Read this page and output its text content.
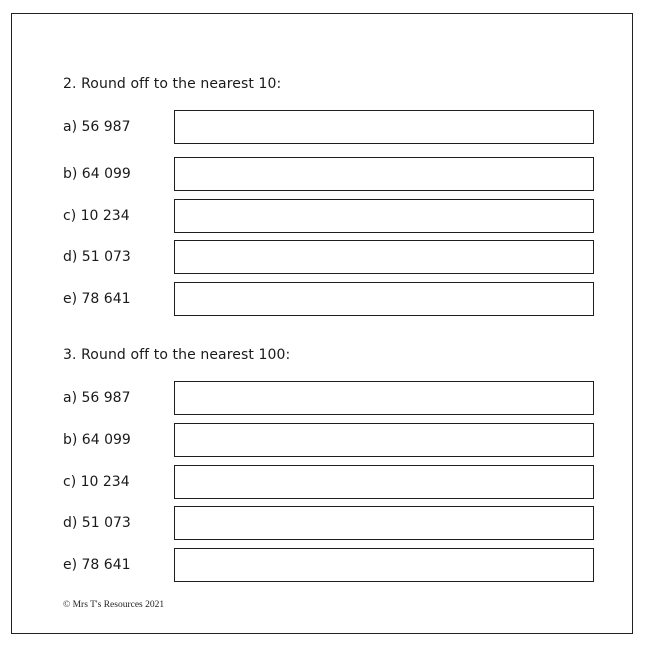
2. Round off to the nearest 10:
a) 56 987
b) 64 099
c) 10 234
d) 51 073
e) 78 641
3. Round off to the nearest 100:
a) 56 987
b) 64 099
c) 10 234
d) 51 073
e) 78 641
© Mrs T's Resources 2021
